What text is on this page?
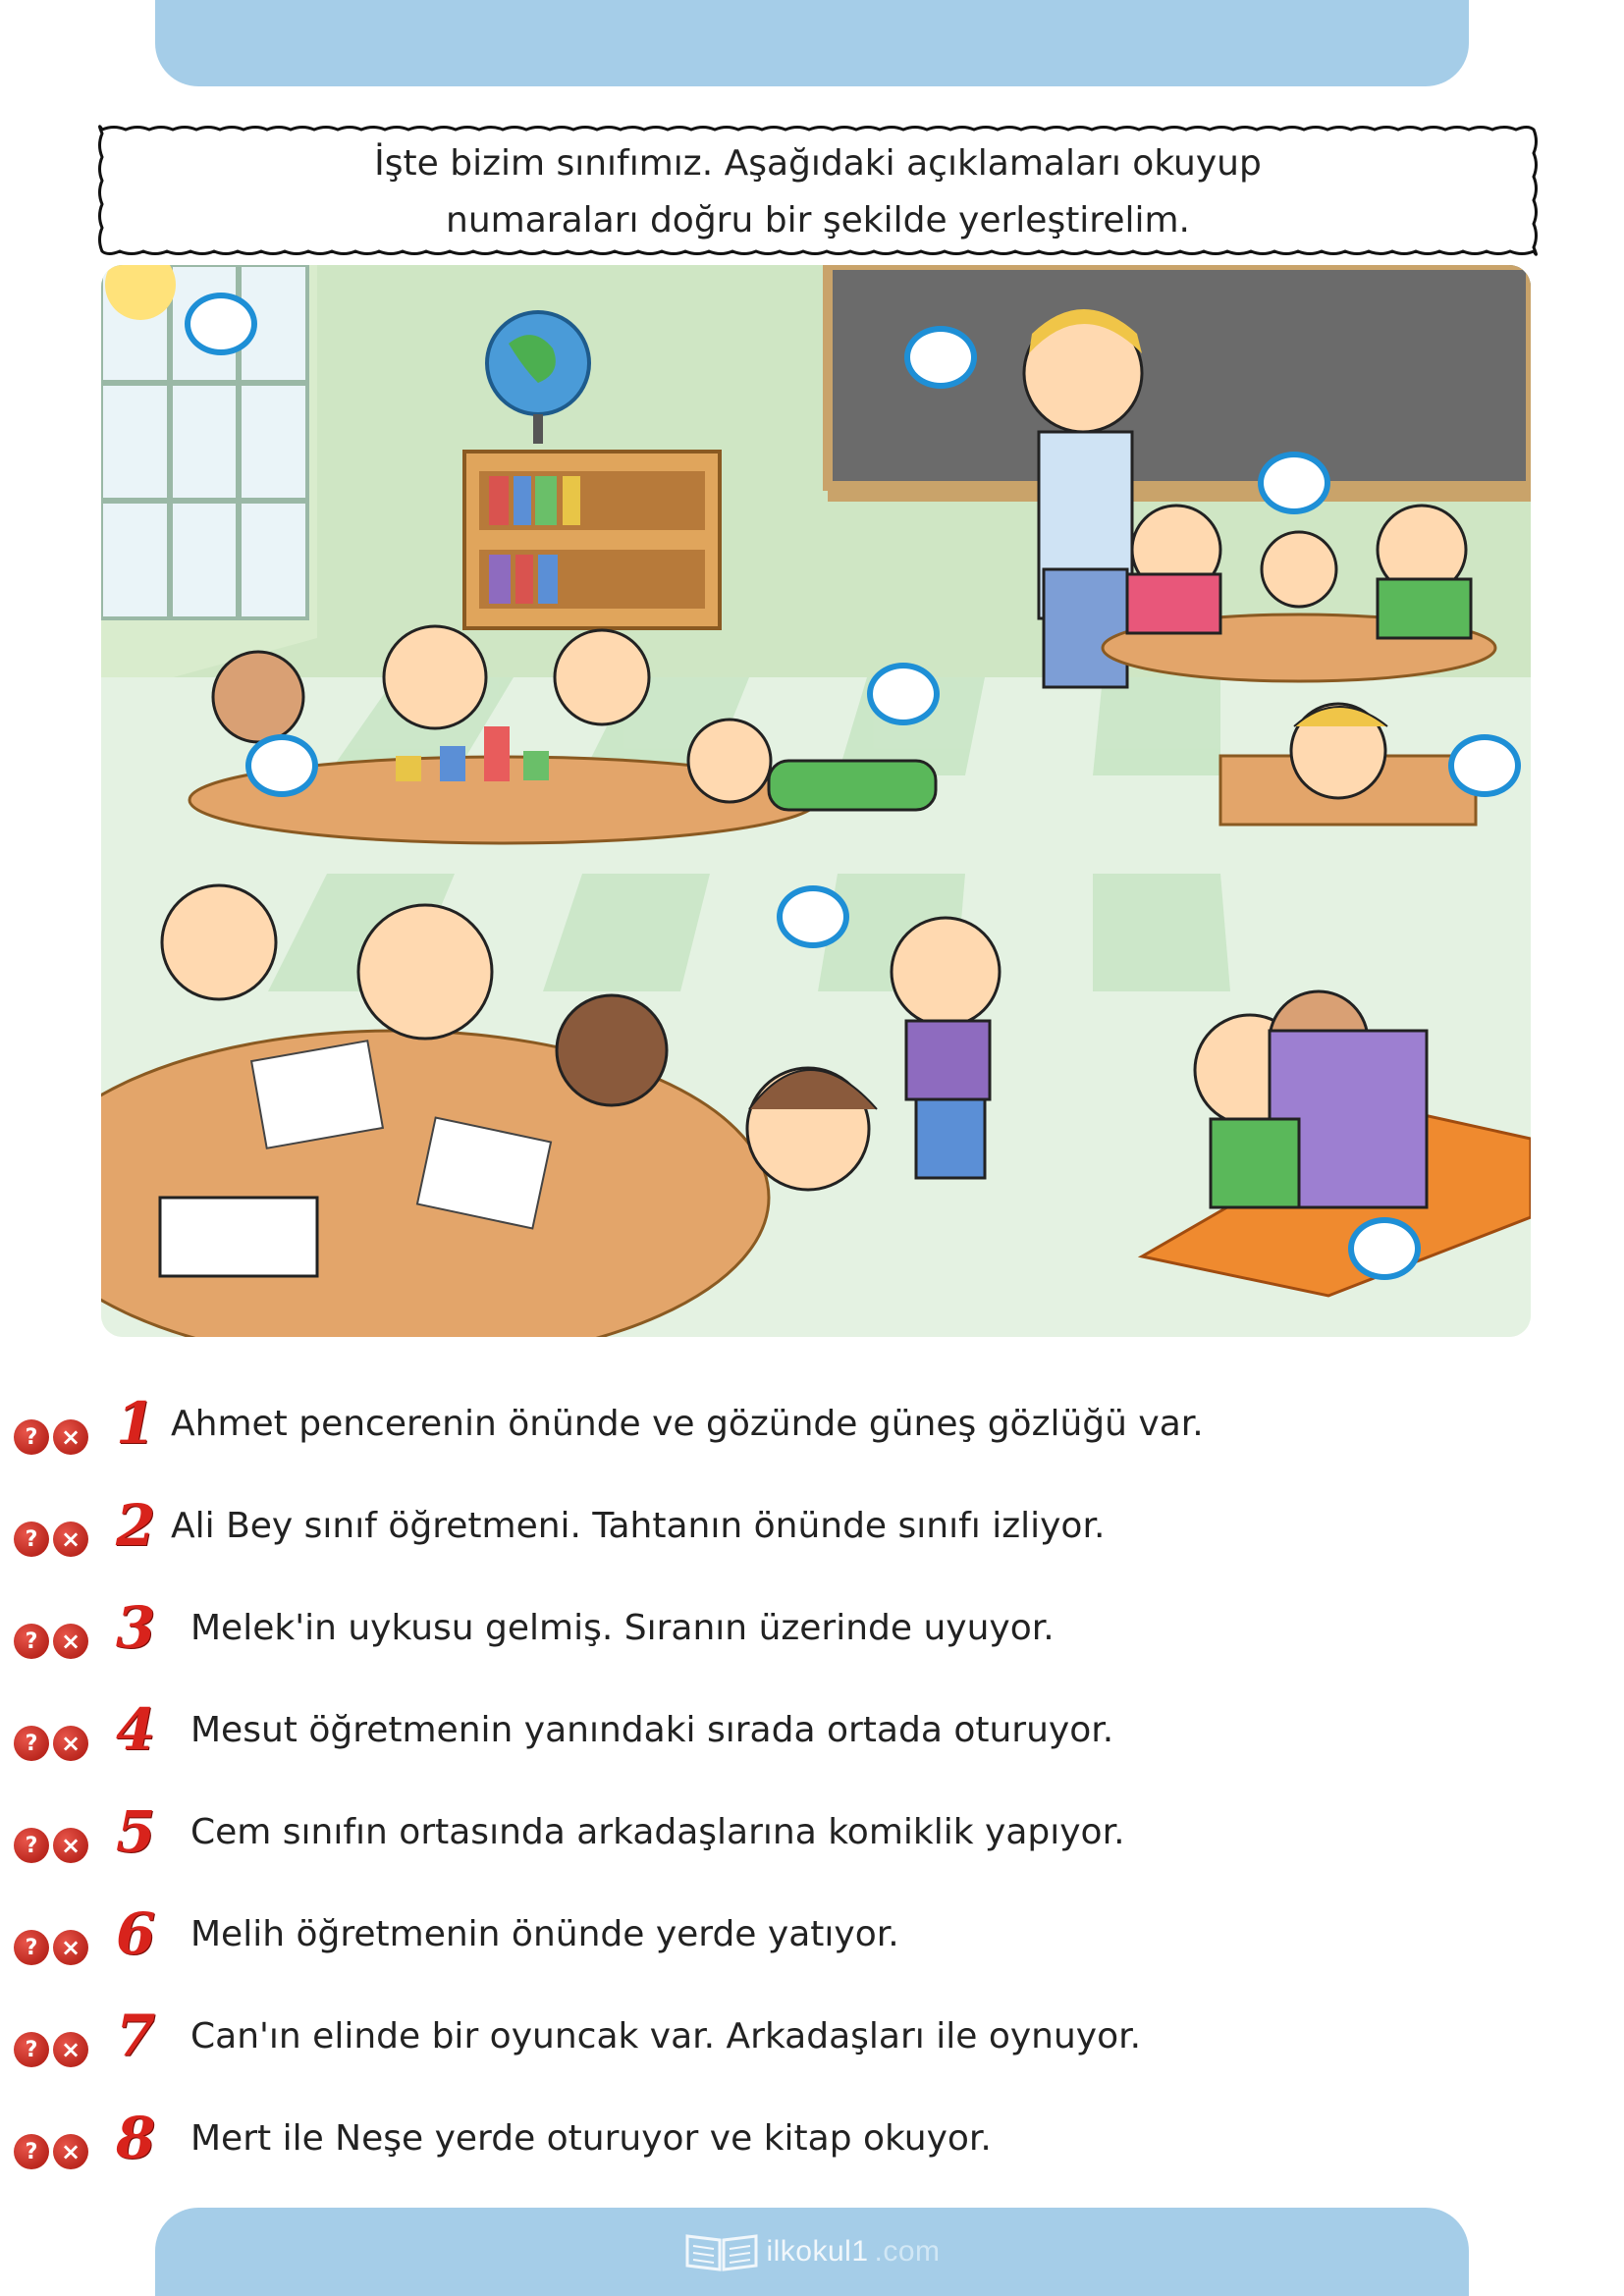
İşte bizim sınıfımız. Aşağıdaki açıklamaları okuyup
numaraları doğru bir şekilde yerleştirelim.
? × 1 Ahmet pencerenin önünde ve gözünde güneş gözlüğü var.
? × 2 Ali Bey sınıf öğretmeni. Tahtanın önünde sınıfı izliyor.
? × 3 Melek'in uykusu gelmiş. Sıranın üzerinde uyuyor.
? × 4 Mesut öğretmenin yanındaki sırada ortada oturuyor.
? × 5 Cem sınıfın ortasında arkadaşlarına komiklik yapıyor.
? × 6 Melih öğretmenin önünde yerde yatıyor.
? × 7 Can'ın elinde bir oyuncak var. Arkadaşları ile oynuyor.
? × 8 Mert ile Neşe yerde oturuyor ve kitap okuyor.
ilkokul1 .com
